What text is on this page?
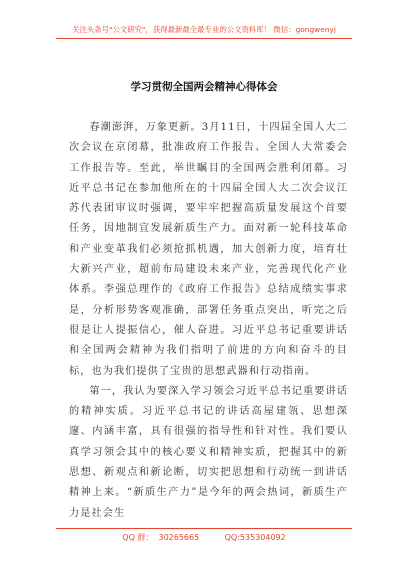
关注头条号"公文研究"，获得最新最全最专业的公文资料库！ 微信：gongwenyj
学习贯彻全国两会精神心得体会

春潮澎湃，万象更新。3月11日，十四届全国人大二次会议在京闭幕，批准政府工作报告、全国人大常委会工作报告等。至此，举世瞩目的全国两会胜利闭幕。习近平总书记在参加他所在的十四届全国人大二次会议江苏代表团审议时强调，要牢牢把握高质量发展这个首要任务，因地制宜发展新质生产力。面对新一轮科技革命和产业变革我们必须抢抓机遇，加大创新力度，培育壮大新兴产业，超前布局建设未来产业，完善现代化产业体系。李强总理作的《政府工作报告》总结成绩实事求是，分析形势客观准确，部署任务重点突出，听完之后很是让人提振信心，催人奋进。习近平总书记重要讲话和全国两会精神为我们指明了前进的方向和奋斗的目标，也为我们提供了宝贵的思想武器和行动指南。

第一，我认为要深入学习领会习近平总书记重要讲话的精神实质。习近平总书记的讲话高屋建瓴、思想深邃、内涵丰富，具有很强的指导性和针对性。我们要认真学习领会其中的核心要义和精神实质，把握其中的新思想、新观点和新论断，切实把思想和行动统一到讲话精神上来。“新质生产力”是今年的两会热词，新质生产力是社会生

QQ 群：  30265665          QQ:535304092
